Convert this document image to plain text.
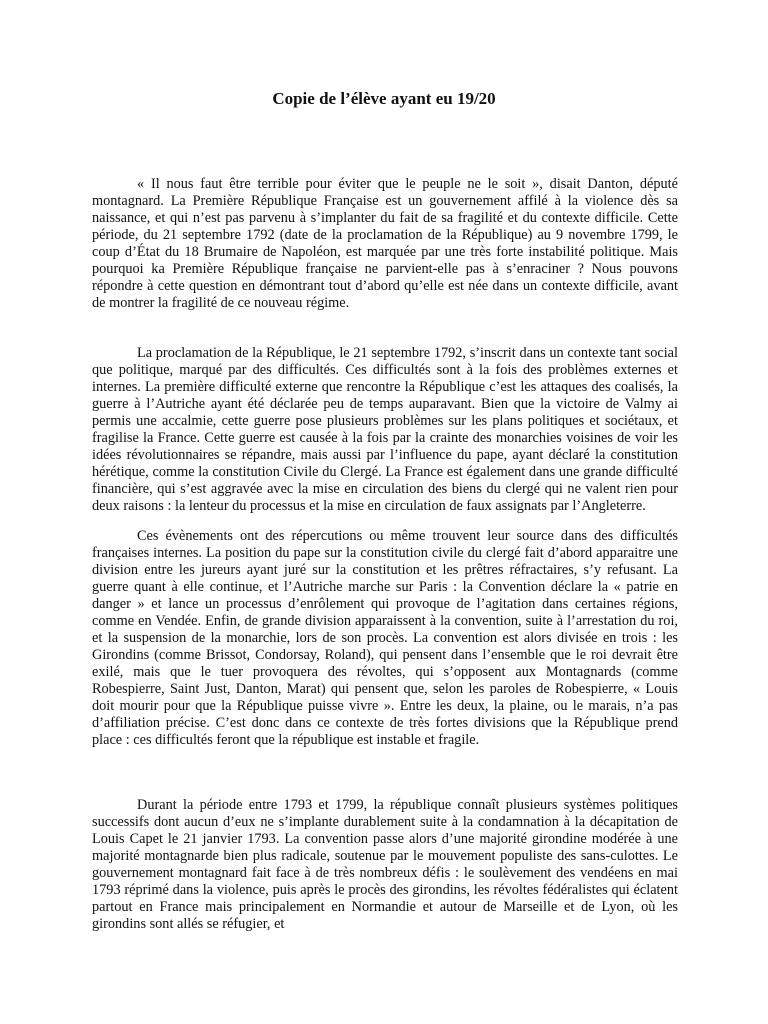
Copie de l’élève ayant eu 19/20

« Il nous faut être terrible pour éviter que le peuple ne le soit », disait Danton, député montagnard. La Première République Française est un gouvernement affilé à la violence dès sa naissance, et qui n’est pas parvenu à s’implanter du fait de sa fragilité et du contexte difficile. Cette période, du 21 septembre 1792 (date de la proclamation de la République) au 9 novembre 1799, le coup d’État du 18 Brumaire de Napoléon, est marquée par une très forte instabilité politique. Mais pourquoi ka Première République française ne parvient-elle pas à s’enraciner ? Nous pouvons répondre à cette question en démontrant tout d’abord qu’elle est née dans un contexte difficile, avant de montrer la fragilité de ce nouveau régime.

La proclamation de la République, le 21 septembre 1792, s’inscrit dans un contexte tant social que politique, marqué par des difficultés. Ces difficultés sont à la fois des problèmes externes et internes. La première difficulté externe que rencontre la République c’est les attaques des coalisés, la guerre à l’Autriche ayant été déclarée peu de temps auparavant. Bien que la victoire de Valmy ai permis une accalmie, cette guerre pose plusieurs problèmes sur les plans politiques et sociétaux, et fragilise la France. Cette guerre est causée à la fois par la crainte des monarchies voisines de voir les idées révolutionnaires se répandre, mais aussi par l’influence du pape, ayant déclaré la constitution hérétique, comme la constitution Civile du Clergé. La France est également dans une grande difficulté financière, qui s’est aggravée avec la mise en circulation des biens du clergé qui ne valent rien pour deux raisons : la lenteur du processus et la mise en circulation de faux assignats par l’Angleterre.

Ces évènements ont des répercutions ou même trouvent leur source dans des difficultés françaises internes. La position du pape sur la constitution civile du clergé fait d’abord apparaitre une division entre les jureurs ayant juré sur la constitution et les prêtres réfractaires, s’y refusant. La guerre quant à elle continue, et l’Autriche marche sur Paris : la Convention déclare la « patrie en danger » et lance un processus d’enrôlement qui provoque de l’agitation dans certaines régions, comme en Vendée. Enfin, de grande division apparaissent à la convention, suite à l’arrestation du roi, et la suspension de la monarchie, lors de son procès. La convention est alors divisée en trois : les Girondins (comme Brissot, Condorsay, Roland), qui pensent dans l’ensemble que le roi devrait être exilé, mais que le tuer provoquera des révoltes, qui s’opposent aux Montagnards (comme Robespierre, Saint Just, Danton, Marat) qui pensent que, selon les paroles de Robespierre, « Louis doit mourir pour que la République puisse vivre ». Entre les deux, la plaine, ou le marais, n’a pas d’affiliation précise. C’est donc dans ce contexte de très fortes divisions que la République prend place : ces difficultés feront que la république est instable et fragile.

Durant la période entre 1793 et 1799, la république connaît plusieurs systèmes politiques successifs dont aucun d’eux ne s’implante durablement suite à la condamnation à la décapitation de Louis Capet le 21 janvier 1793. La convention passe alors d’une majorité girondine modérée à une majorité montagnarde bien plus radicale, soutenue par le mouvement populiste des sans-culottes. Le gouvernement montagnard fait face à de très nombreux défis : le soulèvement des vendéens en mai 1793 réprimé dans la violence, puis après le procès des girondins, les révoltes fédéralistes qui éclatent partout en France mais principalement en Normandie et autour de Marseille et de Lyon, où les girondins sont allés se réfugier, et
